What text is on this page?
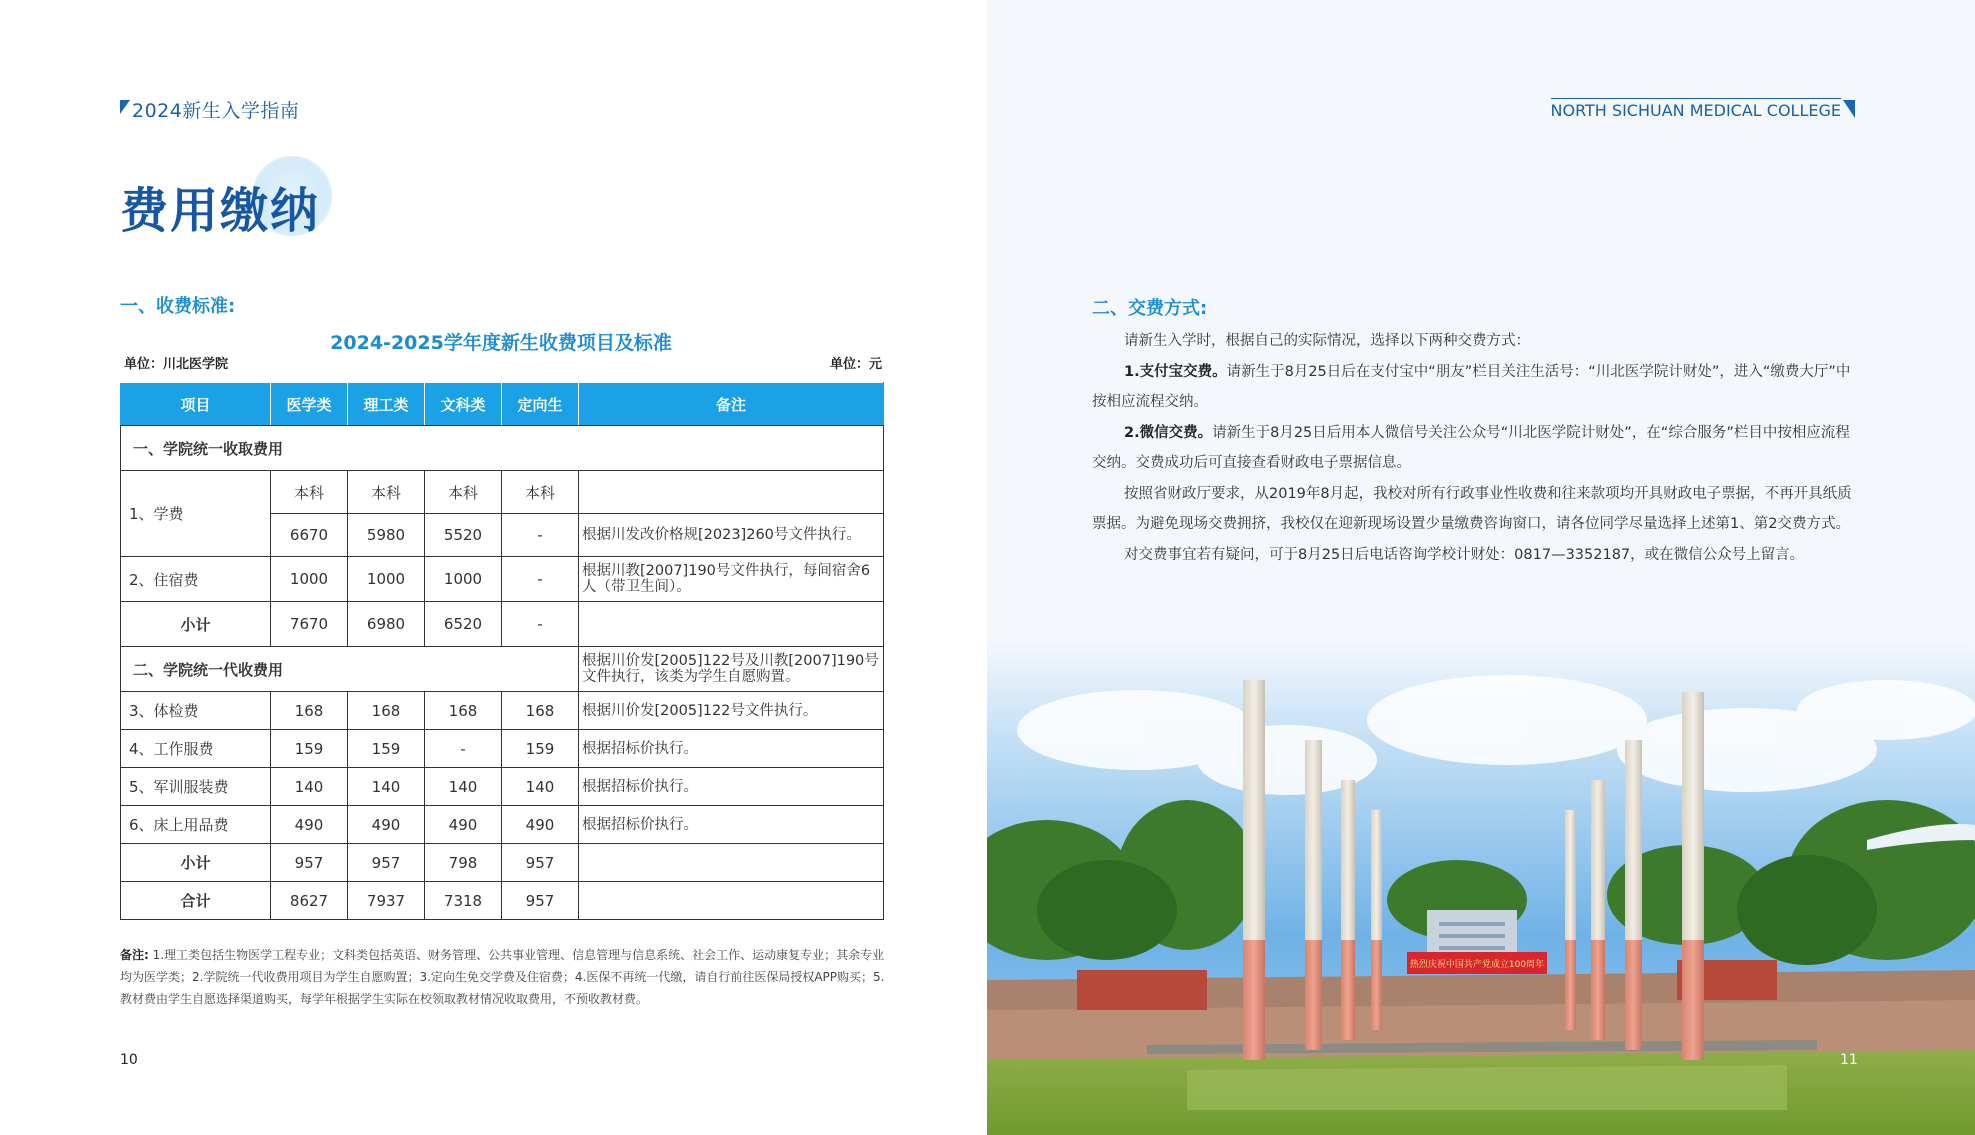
2024新生入学指南
费用缴纳
一、收费标准:
2024-2025学年度新生收费项目及标准
单位：川北医学院	单位：元
项目	医学类	理工类	文科类	定向生	备注
一、学院统一收取费用					
1、学费	本科	本科	本科	本科	
	6670	5980	5520	-	根据川发改价格规[2023]260号文件执行。
2、住宿费	1000	1000	1000	-	根据川教[2007]190号文件执行，每间宿舍6人（带卫生间）。
小计	7670	6980	6520	-	
二、学院统一代收费用					根据川价发[2005]122号及川教[2007]190号文件执行，该类为学生自愿购置。
3、体检费	168	168	168	168	根据川价发[2005]122号文件执行。
4、工作服费	159	159	-	159	根据招标价执行。
5、军训服装费	140	140	140	140	根据招标价执行。
6、床上用品费	490	490	490	490	根据招标价执行。
小计	957	957	798	957	
合计	8627	7937	7318	957	
备注: 1.理工类包括生物医学工程专业；文科类包括英语、财务管理、公共事业管理、信息管理与信息系统、社会工作、运动康复专业；其余专业均为医学类；2.学院统一代收费用项目为学生自愿购置；3.定向生免交学费及住宿费；4.医保不再统一代缴，请自行前往医保局授权APP购买；5.教材费由学生自愿选择渠道购买，每学年根据学生实际在校领取教材情况收取费用，不预收教材费。
10
NORTH SICHUAN MEDICAL COLLEGE
二、交费方式:

请新生入学时，根据自己的实际情况，选择以下两种交费方式：

1.支付宝交费。请新生于8月25日后在支付宝中“朋友”栏目关注生活号：“川北医学院计财处”，进入“缴费大厅”中按相应流程交纳。

2.微信交费。请新生于8月25日后用本人微信号关注公众号“川北医学院计财处”，在“综合服务”栏目中按相应流程交纳。交费成功后可直接查看财政电子票据信息。

按照省财政厅要求，从2019年8月起，我校对所有行政事业性收费和往来款项均开具财政电子票据，不再开具纸质票据。为避免现场交费拥挤，我校仅在迎新现场设置少量缴费咨询窗口，请各位同学尽量选择上述第1、第2交费方式。

对交费事宜若有疑问，可于8月25日后电话咨询学校计财处：0817—3352187，或在微信公众号上留言。

热烈庆祝中国共产党成立100周年
11
